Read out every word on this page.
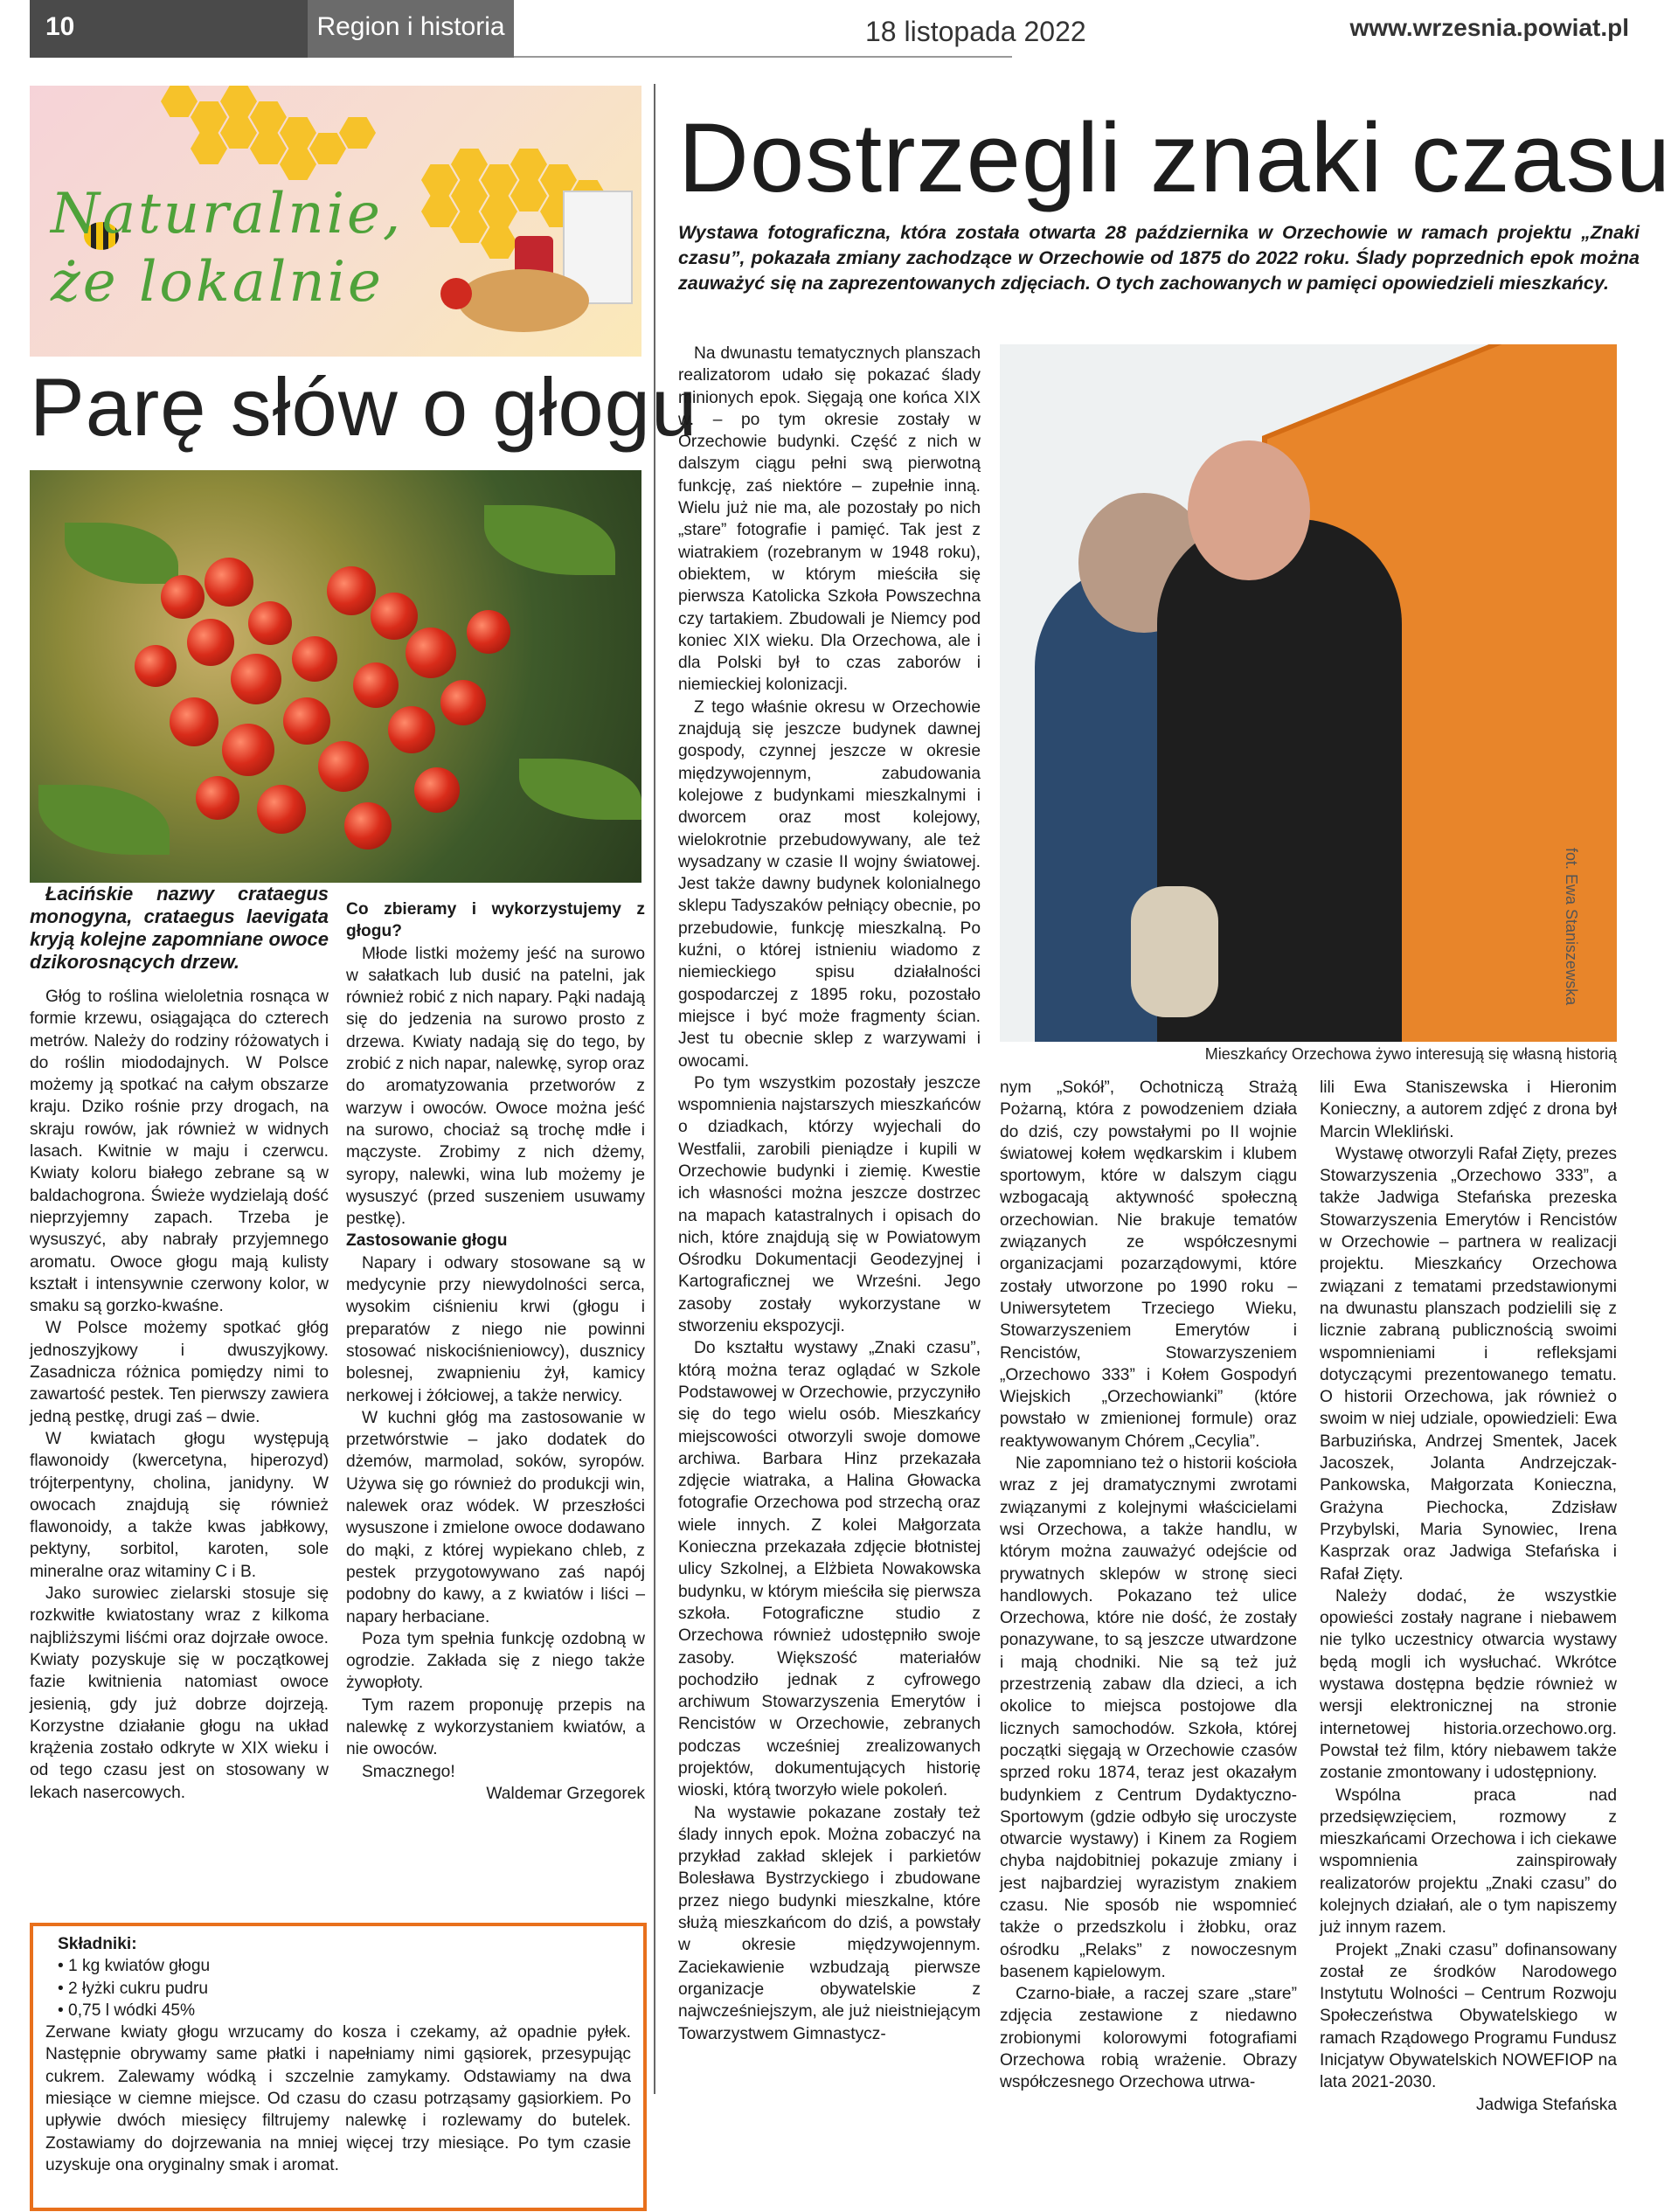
10	Region i historia	18 listopada 2022	www.wrzesnia.powiat.pl
Naturalnie,
że lokalnie
Parę słów o głogu

Łacińskie nazwy crataegus monogyna, crataegus laevigata kryją kolejne zapomniane owoce dzikorosnących drzew.

Głóg to roślina wieloletnia rosnąca w formie krzewu, osiągająca do czterech metrów. Należy do rodziny różowatych i do roślin miododajnych. W Polsce możemy ją spotkać na całym obszarze kraju. Dziko rośnie przy drogach, na skraju rowów, jak również w widnych lasach. Kwitnie w maju i czerwcu. Kwiaty koloru białego zebrane są w baldachogrona. Świeże wydzielają dość nieprzyjemny zapach. Trzeba je wysuszyć, aby nabrały przyjemnego aromatu. Owoce głogu mają kulisty kształt i intensywnie czerwony kolor, w smaku są gorzko-kwaśne.

W Polsce możemy spotkać głóg jednoszyjkowy i dwuszyjkowy. Zasadnicza różnica pomiędzy nimi to zawartość pestek. Ten pierwszy zawiera jedną pestkę, drugi zaś – dwie.

W kwiatach głogu występują flawonoidy (kwercetyna, hiperozyd) trójterpentyny, cholina, janidyny. W owocach znajdują się również flawonoidy, a także kwas jabłkowy, pektyny, sorbitol, karoten, sole mineralne oraz witaminy C i B.

Jako surowiec zielarski stosuje się rozkwitłe kwiatostany wraz z kilkoma najbliższymi liśćmi oraz dojrzałe owoce. Kwiaty pozyskuje się w początkowej fazie kwitnienia natomiast owoce jesienią, gdy już dobrze dojrzeją. Korzystne działanie głogu na układ krążenia zostało odkryte w XIX wieku i od tego czasu jest on stosowany w lekach nasercowych.

Co zbieramy i wykorzystujemy z głogu?

Młode listki możemy jeść na surowo w sałatkach lub dusić na patelni, jak również robić z nich napary. Pąki nadają się do jedzenia na surowo prosto z drzewa. Kwiaty nadają się do tego, by zrobić z nich napar, nalewkę, syrop oraz do aromatyzowania przetworów z warzyw i owoców. Owoce można jeść na surowo, chociaż są trochę mdłe i mączyste. Zrobimy z nich dżemy, syropy, nalewki, wina lub możemy je wysuszyć (przed suszeniem usuwamy pestkę).

Zastosowanie głogu

Napary i odwary stosowane są w medycynie przy niewydolności serca, wysokim ciśnieniu krwi (głogu i preparatów z niego nie powinni stosować niskociśnieniowcy), dusznicy bolesnej, zwapnieniu żył, kamicy nerkowej i żółciowej, a także nerwicy.

W kuchni głóg ma zastosowanie w przetwórstwie – jako dodatek do dżemów, marmolad, soków, syropów. Używa się go również do produkcji win, nalewek oraz wódek. W przeszłości wysuszone i zmielone owoce dodawano do mąki, z której wypiekano chleb, z pestek przygotowywano zaś napój podobny do kawy, a z kwiatów i liści – napary herbaciane.

Poza tym spełnia funkcję ozdobną w ogrodzie. Zakłada się z niego także żywopłoty.

Tym razem proponuję przepis na nalewkę z wykorzystaniem kwiatów, a nie owoców.

Smacznego!

Waldemar Grzegorek

Składniki:
• 1 kg kwiatów głogu
• 2 łyżki cukru pudru
• 0,75 l wódki 45%

Zerwane kwiaty głogu wrzucamy do kosza i czekamy, aż opadnie pyłek. Następnie obrywamy same płatki i napełniamy nimi gąsiorek, przesypując cukrem. Zalewamy wódką i szczelnie zamykamy. Odstawiamy na dwa miesiące w ciemne miejsce. Od czasu do czasu potrząsamy gąsiorkiem. Po upływie dwóch miesięcy filtrujemy nalewkę i rozlewamy do butelek. Zostawiamy do dojrzewania na mniej więcej trzy miesiące. Po tym czasie uzyskuje ona oryginalny smak i aromat.

Dostrzegli znaki czasu
Wystawa fotograficzna, która została otwarta 28 października w Orzechowie w ramach projektu „Znaki czasu”, pokazała zmiany zachodzące w Orzechowie od 1875 do 2022 roku. Ślady poprzednich epok można zauważyć się na zaprezentowanych zdjęciach. O tych zachowanych w pamięci opowiedzieli mieszkańcy.
fot. Ewa Staniszewska
Mieszkańcy Orzechowa żywo interesują się własną historią

Na dwunastu tematycznych planszach realizatorom udało się pokazać ślady minionych epok. Sięgają one końca XIX w. – po tym okresie zostały w Orzechowie budynki. Część z nich w dalszym ciągu pełni swą pierwotną funkcję, zaś niektóre – zupełnie inną. Wielu już nie ma, ale pozostały po nich „stare” fotografie i pamięć. Tak jest z wiatrakiem (rozebranym w 1948 roku), obiektem, w którym mieściła się pierwsza Katolicka Szkoła Powszechna czy tartakiem. Zbudowali je Niemcy pod koniec XIX wieku. Dla Orzechowa, ale i dla Polski był to czas zaborów i niemieckiej kolonizacji.

Z tego właśnie okresu w Orzechowie znajdują się jeszcze budynek dawnej gospody, czynnej jeszcze w okresie międzywojennym, zabudowania kolejowe z budynkami mieszkalnymi i dworcem oraz most kolejowy, wielokrotnie przebudowywany, ale też wysadzany w czasie II wojny światowej. Jest także dawny budynek kolonialnego sklepu Tadyszaków pełniący obecnie, po przebudowie, funkcję mieszkalną. Po kuźni, o której istnieniu wiadomo z niemieckiego spisu działalności gospodarczej z 1895 roku, pozostało miejsce i być może fragmenty ścian. Jest tu obecnie sklep z warzywami i owocami.

Po tym wszystkim pozostały jeszcze wspomnienia najstarszych mieszkańców o dziadkach, którzy wyjechali do Westfalii, zarobili pieniądze i kupili w Orzechowie budynki i ziemię. Kwestie ich własności można jeszcze dostrzec na mapach katastralnych i opisach do nich, które znajdują się w Powiatowym Ośrodku Dokumentacji Geodezyjnej i Kartograficznej we Wrześni. Jego zasoby zostały wykorzystane w stworzeniu ekspozycji.

Do kształtu wystawy „Znaki czasu”, którą można teraz oglądać w Szkole Podstawowej w Orzechowie, przyczyniło się do tego wielu osób. Mieszkańcy miejscowości otworzyli swoje domowe archiwa. Barbara Hinz przekazała zdjęcie wiatraka, a Halina Głowacka fotografie Orzechowa pod strzechą oraz wiele innych. Z kolei Małgorzata Konieczna przekazała zdjęcie błotnistej ulicy Szkolnej, a Elżbieta Nowakowska budynku, w którym mieściła się pierwsza szkoła. Fotograficzne studio z Orzechowa również udostępniło swoje zasoby. Większość materiałów pochodziło jednak z cyfrowego archiwum Stowarzyszenia Emerytów i Rencistów w Orzechowie, zebranych podczas wcześniej zrealizowanych projektów, dokumentujących historię wioski, którą tworzyło wiele pokoleń.

Na wystawie pokazane zostały też ślady innych epok. Można zobaczyć na przykład zakład sklejek i parkietów Bolesława Bystrzyckiego i zbudowane przez niego budynki mieszkalne, które służą mieszkańcom do dziś, a powstały w okresie międzywojennym. Zaciekawienie wzbudzają pierwsze organizacje obywatelskie z najwcześniejszym, ale już nieistniejącym Towarzystwem Gimnastycz-

nym „Sokół”, Ochotniczą Strażą Pożarną, która z powodzeniem działa do dziś, czy powstałymi po II wojnie światowej kołem wędkarskim i klubem sportowym, które w dalszym ciągu wzbogacają aktywność społeczną orzechowian. Nie brakuje tematów związanych ze współczesnymi organizacjami pozarządowymi, które zostały utworzone po 1990 roku – Uniwersytetem Trzeciego Wieku, Stowarzyszeniem Emerytów i Rencistów, Stowarzyszeniem „Orzechowo 333” i Kołem Gospodyń Wiejskich „Orzechowianki” (które powstało w zmienionej formule) oraz reaktywowanym Chórem „Cecylia”.

Nie zapomniano też o historii kościoła wraz z jej dramatycznymi zwrotami związanymi z kolejnymi właścicielami wsi Orzechowa, a także handlu, w którym można zauważyć odejście od prywatnych sklepów w stronę sieci handlowych. Pokazano też ulice Orzechowa, które nie dość, że zostały ponazywane, to są jeszcze utwardzone i mają chodniki. Nie są też już przestrzenią zabaw dla dzieci, a ich okolice to miejsca postojowe dla licznych samochodów. Szkoła, której początki sięgają w Orzechowie czasów sprzed roku 1874, teraz jest okazałym budynkiem z Centrum Dydaktyczno-Sportowym (gdzie odbyło się uroczyste otwarcie wystawy) i Kinem za Rogiem chyba najdobitniej pokazuje zmiany i jest najbardziej wyrazistym znakiem czasu. Nie sposób nie wspomnieć także o przedszkolu i żłobku, oraz ośrodku „Relaks” z nowoczesnym basenem kąpielowym.

Czarno-białe, a raczej szare „stare” zdjęcia zestawione z niedawno zrobionymi kolorowymi fotografiami Orzechowa robią wrażenie. Obrazy współczesnego Orzechowa utrwa-

lili Ewa Staniszewska i Hieronim Konieczny, a autorem zdjęć z drona był Marcin Wlekliński.

Wystawę otworzyli Rafał Zięty, prezes Stowarzyszenia „Orzechowo 333”, a także Jadwiga Stefańska prezeska Stowarzyszenia Emerytów i Rencistów w Orzechowie – partnera w realizacji projektu. Mieszkańcy Orzechowa związani z tematami przedstawionymi na dwunastu planszach podzielili się z licznie zabraną publicznością swoimi wspomnieniami i refleksjami dotyczącymi prezentowanego tematu. O historii Orzechowa, jak również o swoim w niej udziale, opowiedzieli: Ewa Barbuzińska, Andrzej Smentek, Jacek Jacoszek, Jolanta Andrzejczak-Pankowska, Małgorzata Konieczna, Grażyna Piechocka, Zdzisław Przybylski, Maria Synowiec, Irena Kasprzak oraz Jadwiga Stefańska i Rafał Zięty.

Należy dodać, że wszystkie opowieści zostały nagrane i niebawem nie tylko uczestnicy otwarcia wystawy będą mogli ich wysłuchać. Wkrótce wystawa dostępna będzie również w wersji elektronicznej na stronie internetowej historia.orzechowo.org. Powstał też film, który niebawem także zostanie zmontowany i udostępniony.

Wspólna praca nad przedsięwzięciem, rozmowy z mieszkańcami Orzechowa i ich ciekawe wspomnienia zainspirowały realizatorów projektu „Znaki czasu” do kolejnych działań, ale o tym napiszemy już innym razem.

Projekt „Znaki czasu” dofinansowany został ze środków Narodowego Instytutu Wolności – Centrum Rozwoju Społeczeństwa Obywatelskiego w ramach Rządowego Programu Fundusz Inicjatyw Obywatelskich NOWEFIOP na lata 2021-2030.

Jadwiga Stefańska
